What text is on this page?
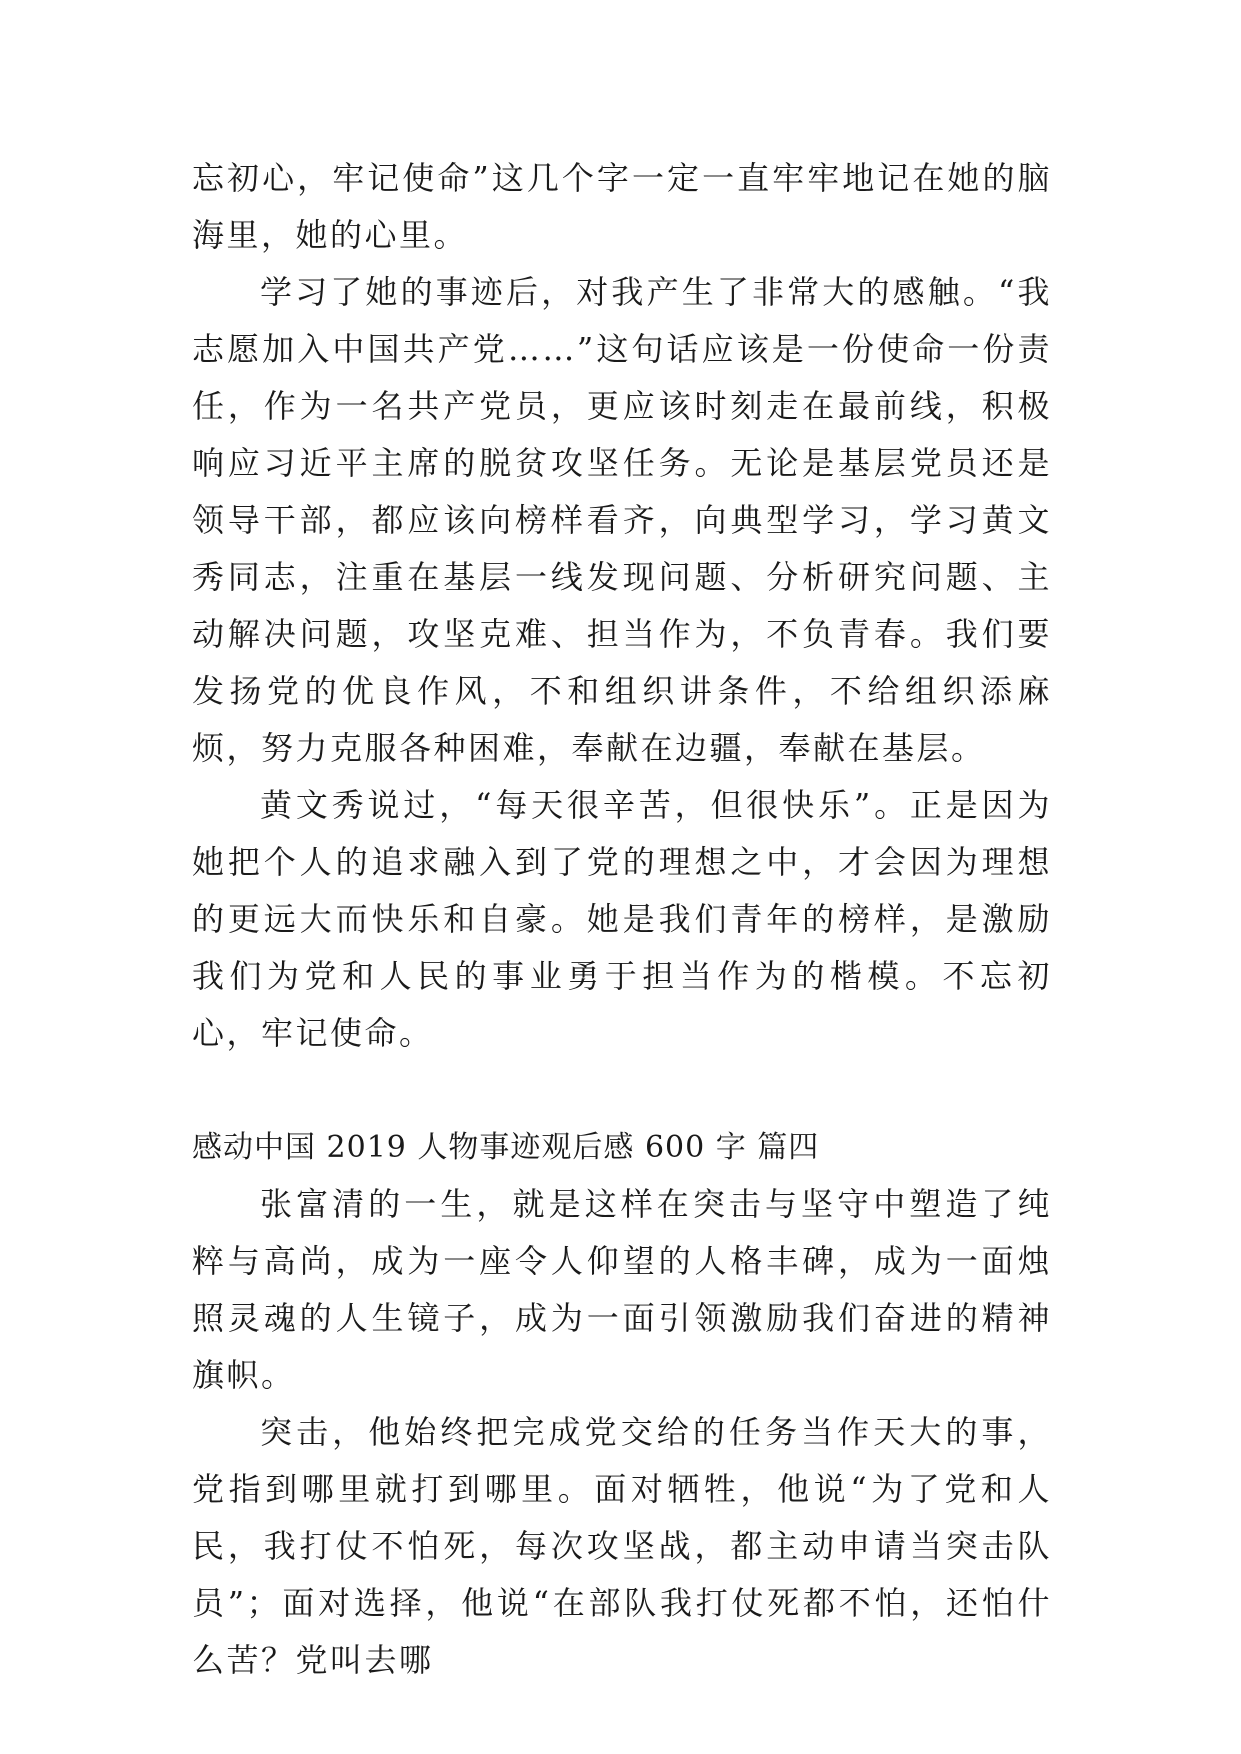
忘初心，牢记使命”这几个字一定一直牢牢地记在她的脑海里，她的心里。

学习了她的事迹后，对我产生了非常大的感触。“我志愿加入中国共产党……”这句话应该是一份使命一份责任，作为一名共产党员，更应该时刻走在最前线，积极响应习近平主席的脱贫攻坚任务。无论是基层党员还是领导干部，都应该向榜样看齐，向典型学习，学习黄文秀同志，注重在基层一线发现问题、分析研究问题、主动解决问题，攻坚克难、担当作为，不负青春。我们要发扬党的优良作风，不和组织讲条件，不给组织添麻烦，努力克服各种困难，奉献在边疆，奉献在基层。

黄文秀说过，“每天很辛苦，但很快乐”。正是因为她把个人的追求融入到了党的理想之中，才会因为理想的更远大而快乐和自豪。她是我们青年的榜样，是激励我们为党和人民的事业勇于担当作为的楷模。不忘初心，牢记使命。

感动中国 2019 人物事迹观后感 600 字 篇四

张富清的一生，就是这样在突击与坚守中塑造了纯粹与高尚，成为一座令人仰望的人格丰碑，成为一面烛照灵魂的人生镜子，成为一面引领激励我们奋进的精神旗帜。

突击，他始终把完成党交给的任务当作天大的事，党指到哪里就打到哪里。面对牺牲，他说“为了党和人民，我打仗不怕死，每次攻坚战，都主动申请当突击队员”；面对选择，他说“在部队我打仗死都不怕，还怕什么苦？党叫去哪
